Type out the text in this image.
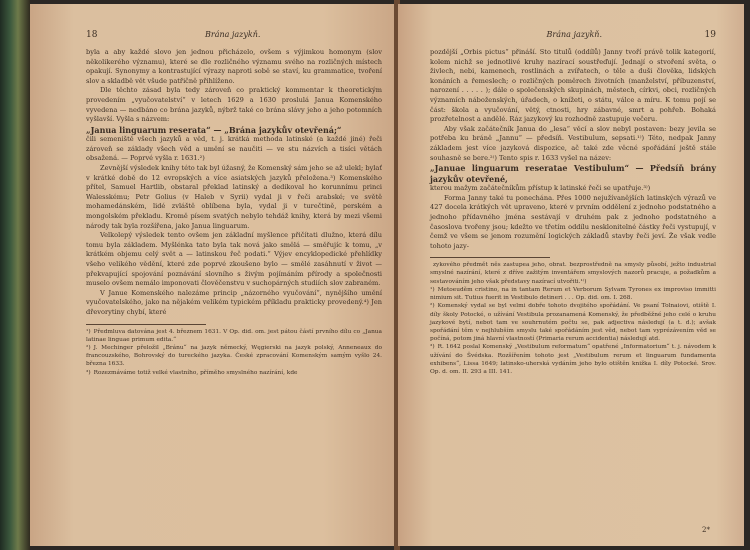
18	Brána jazykň.

byla a aby každé slovo jen jednou přicházelo, ovšem s výjimkou homonym (slov několikerého významu), které se dle rozličného významu svého na rozličných místech opakují. Synonymy a kontrastující výrazy naproti sobě se staví, ku grammatice, tvoření slov a skladbě vět všude patřičně přihlíženo.

Dle těchto zásad byla tedy zároveň co praktický kommentar k theoretickým provedením „vyučovatelství“ v letech 1629 a 1630 proslulá Janua Komenského vyvedena — nedbáno co brána jazyků, nýbrž také co brána slávy jeho a jeho potomních vyšlavší. Vyšla s názvem:

„Janua linguarum reserata“ — „Brána jazykův otevřená;“

čili semeniště všech jazyků a věd, t. j. krátká methoda latinské (a každé jiné) řeči zároveň se základy všech věd a umění se naučiti — ve stu názvích a tisíci větách obsažená. — Poprvé vyšla r. 1631.²)

Zevnější výsledek knihy této tak byl úžasný, že Komenský sám jeho se až ulekl; bylať v krátké době do 12 evropských a více asiatských jazyků přeložena.³) Komenského přítel, Samuel Hartlib, obstaral překlad latinský a dedikoval ho korunnímu princi Walesskému; Petr Golius (v Haleb v Syrii) vydal ji v řeči arabské; ve světě mohamedánském, lidé zvláště oblíbena byla, vydal ji v turečtině, perském a mongolském překladu. Kromě písem svatých nebylo tehdáž knihy, která by mezi všemi národy tak byla rozšířena, jako Janua linguarum.

Velkolepý výsledek tento ovšem jen základní myšlence přičítati dlužno, která dílu tomu byla základem. Myšlénka tato byla tak nová jako smělá — směřujíc k tomu, „v krátkém objemu celý svět a — latinskou řeč podati.“ Výjev encyklopedické přehlídky všeho velikého vědění, které zde poprvé zkoušeno bylo — smělé zasáhnutí v život — překvapující spojování poznávání slovního s živým pojímáním přírody a společnosti muselo ovšem nemálo imponovati člověčenstvu v suchopárných studiích slov zabraném.

V Janue Komenského nalezáme princip „názorného vyučování“, nynějšího umění vyučovatelského, jako na nějakém velikém typickém příkladu prakticky provedený.⁴) Jen dřevorytiny chybí, které

¹) Předmluva datována jest 4. březnem 1631. V Op. did. om. jest pátou částí prvního dílu co „Janua latinae linguae primum edita.“

²) J. Mechinger přeložil „Bránu“ na jazyk německý, Węgierski na jazyk polský, Anneneaux do francouzského, Bohrovský do tureckého jazyka. České zpracování Komenským samým vyšlo 24. března 1633.

³) Rozezmáváme totiž velké vlastního, příměho smyslného nazírání, kde

Brána jazykň.	19

pozdější „Orbis pictus“ přináší. Sto titulů (oddílů) Janny tvoří právě tolik kategorií, kolem nichž se jednotlivé kruhy nazírací soustřeďují. Jednají o stvoření světa, o živlech, nebi, kamenech, rostlinách a zvířatech, o těle a duši člověka, lidských konáních a řemeslech; o rozličných poměrech životních (manželství, příbuzenství, narození . . . . . ); dále o společenských skupinách, městech, církvi, obci, rozličných významích náboženských, úřadech, o knížeti, o státu, válce a míru. K tomu pojí se část: škola a vyučování, větý, ctnosti, hry zábavné, smrt a pohřeb. Bohaká prozřetelnost a andělé. Ráz jazykový ku rozhodně zastupuje večeru.

Aby však začátečník Janua do „lesa“ věcí a slov nebyl postaven: bezy jevila se potřeba ku bráně „Jannu“ — předsíň. Vestibulum, sepsati.¹⁾) Této, nedpak Janny základem jest více jazyková dispozice, ač také zde věcné spořádání ještě stále souhasně se bere.²⁾) Tento spis r. 1633 vyšel na název:

„Januae linguarum reseratae Vestibulum“ — Předsíň brány jazykův otevřené,

kterou mažym začátečníkům přístup k latinské řeči se upatřuje.³⁾)

Forma Janny také tu ponechána. Přes 1000 nejužívanějších latinských výrazů ve 427 docela krátkých vět upraveno, které v prvním oddělení z jednoho podstatného a jednoho přídavného jména sestávají v druhém pak z jednoho podstatného a časoslova tvořeny jsou; kdežto ve třetím oddílu nesklonitelné částky řeči vystupují, v čemž ve všem se jenom rozumění logických základů stavby řeči jeví. Že však vedle tohoto jazy-

zykového předmět něs zastupea jeho, obrat. bezprostředně na smysly působí, ježto industrial smyslné nazírání, které z dříve zažitým inventářem smyslových nazorů pracuje, a požadkům a sestavováním jeho však představy nazírací utvořiti.¹⁾)

¹) Metoeuděm cristino, na in tantam Rerum et Verborum Sylvam Tyrones ex improviso immitti nimium sit. Tutius fuerit in Vestibulo detineri . . . Op. did. om. I. 268.

²) Komenský vydal se byl velmi dobře tohoto dvojitého spořádání. Ve psaní Tolnaiovi, otiště I. díly školy Potocké, o užívání Vestibula prozanamená Komenský, že předběžné jeho celé o kruhu jazykové bytí, nebot tam ve souhrnutém počtu se, pak adjectiva následují (a t. d.); avšak spořádání těm v nejhlubším smyslu také spořádáním jest věd, nebot tam vyprézávením věd se počíná, potom jiná hlavní vlastností (Primaria rerum accidentia) následují atd.

³) R. 1642 poslal Komenský „Vestibulum reformatum“ opatřené „Informatorium“ t. j. návodem k užívání do Švédska. Rozšířením tohoto jest „Vestibulum rerum et linguarum fundamenta exhibens“, Lissa 1649; latinsko-uherská vydáním jeho bylo otištěn knižka I. díly Potocké. Srov. Op. d. om. II. 293 a III. 141.

2*
